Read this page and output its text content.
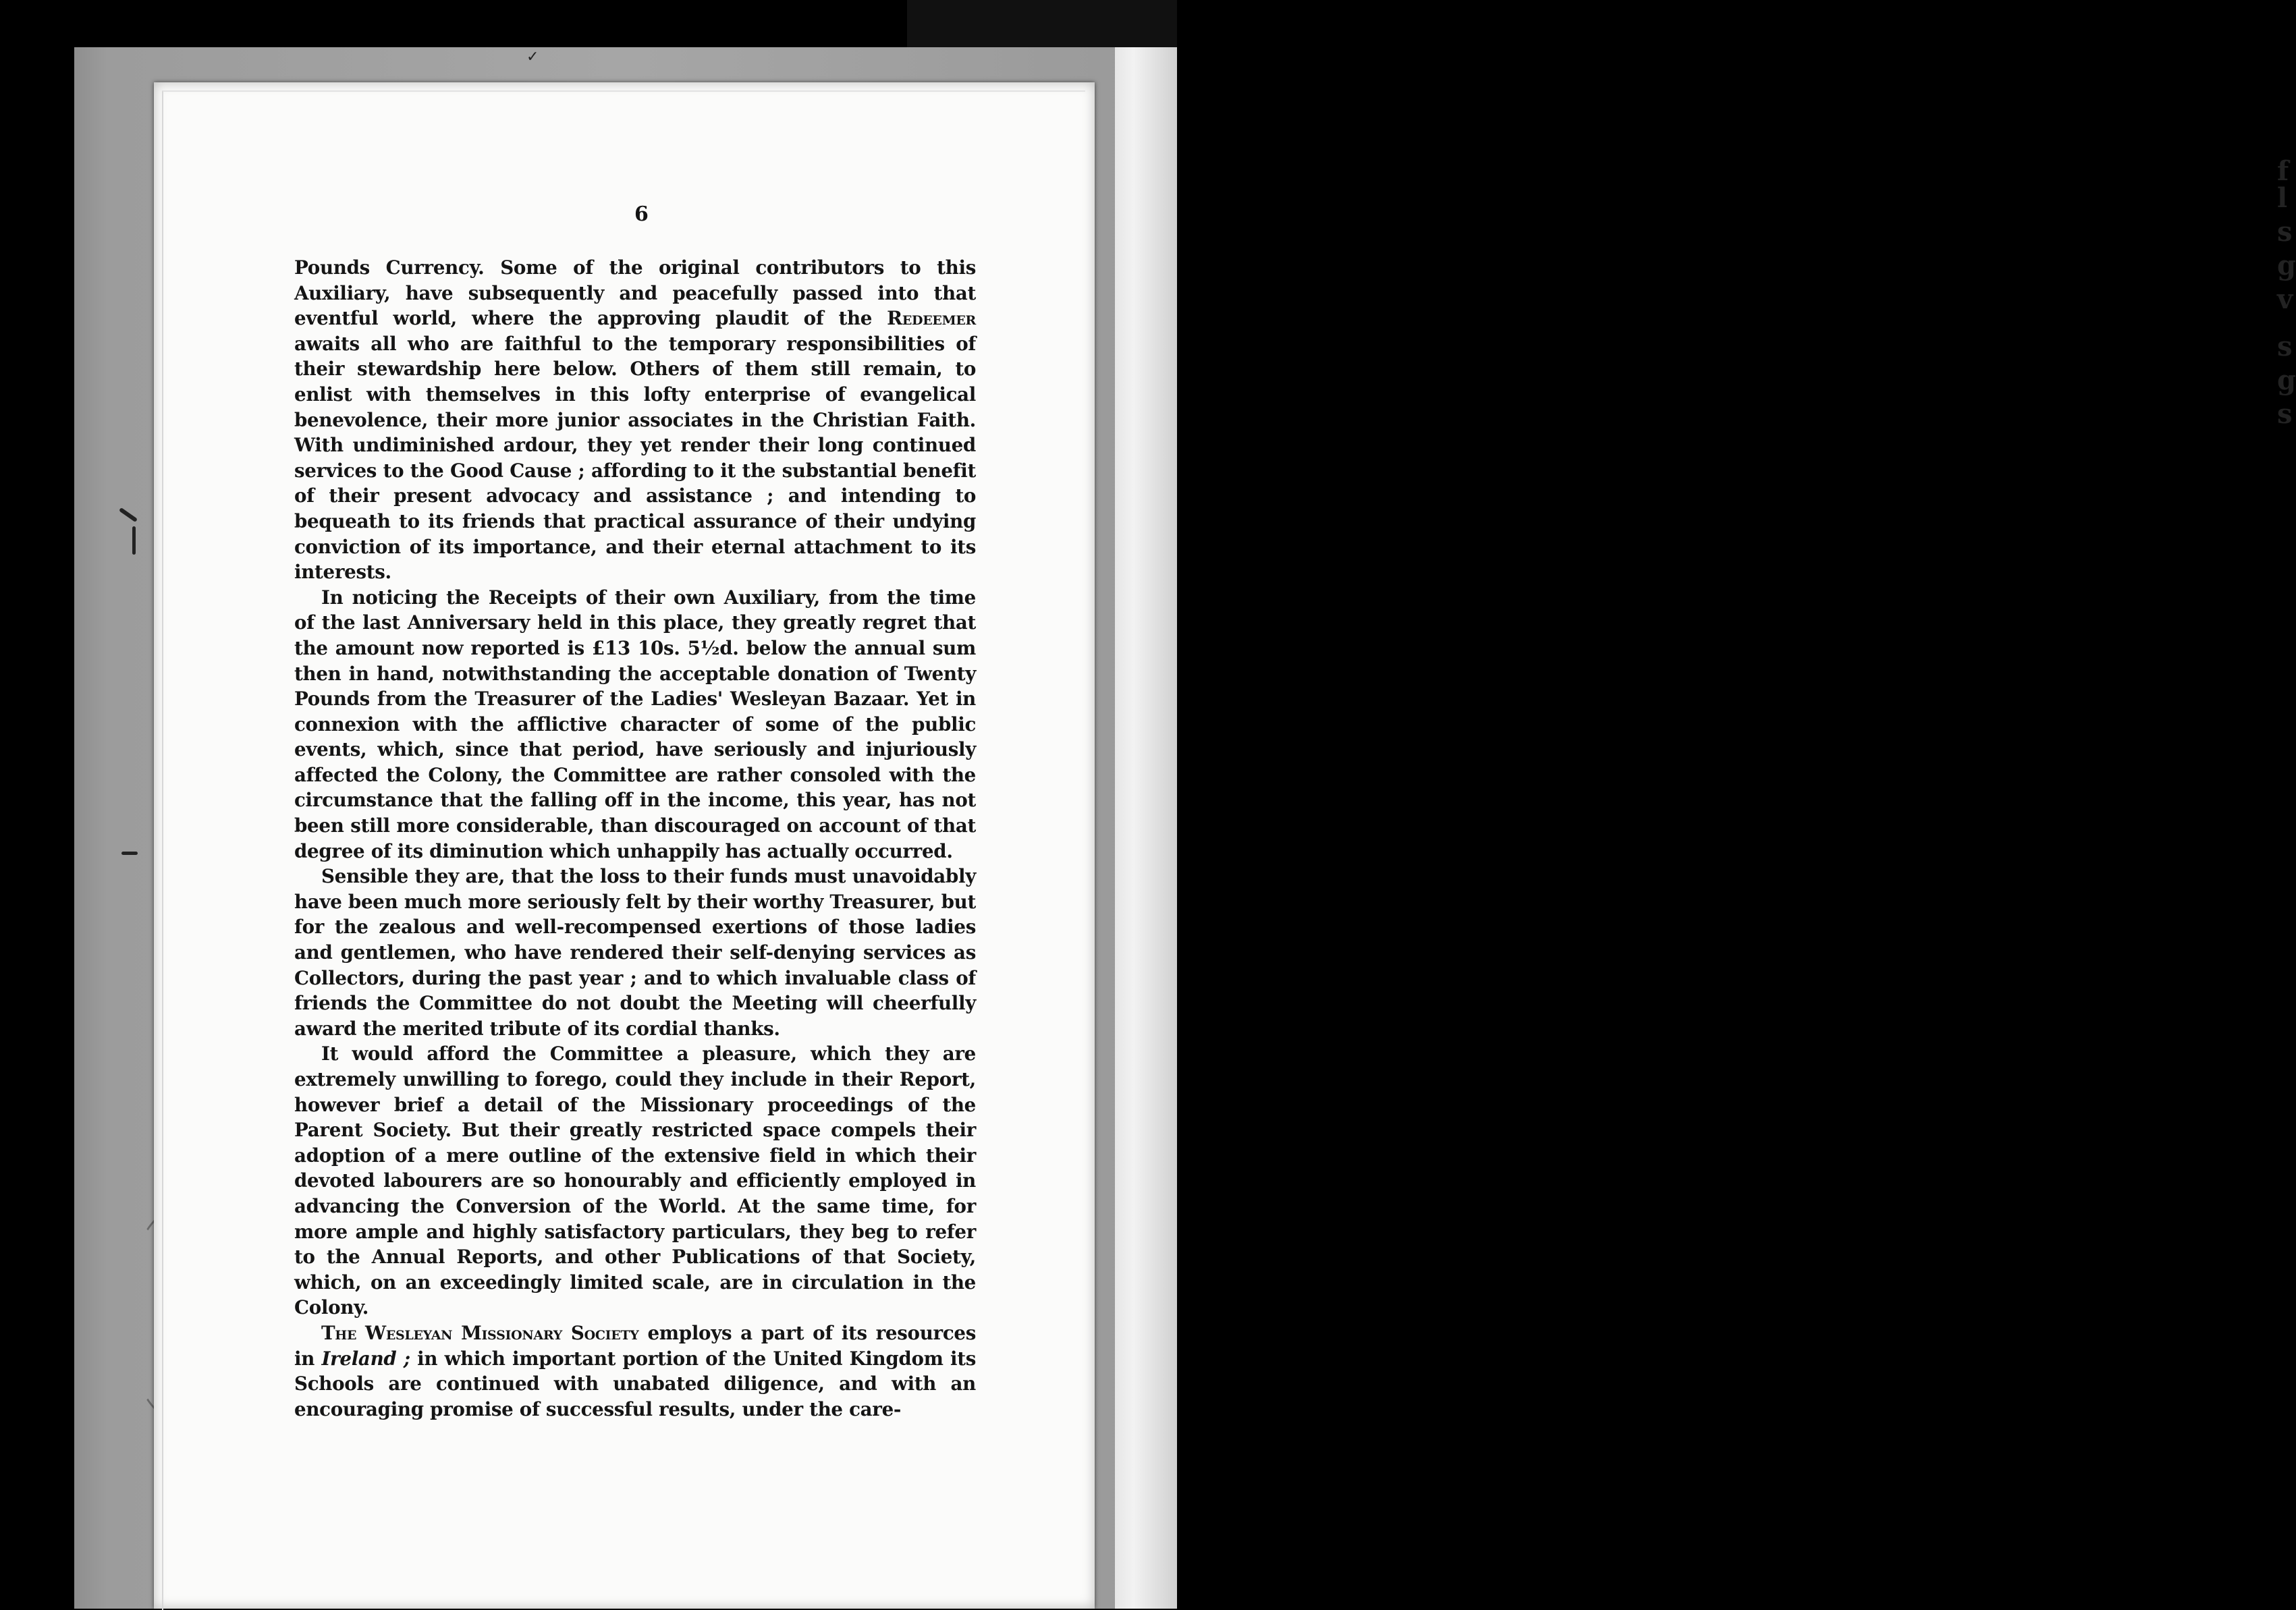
f
l
s
g
v
s
g
s
✓
6

Pounds Currency. Some of the original contributors to this Auxiliary, have subsequently and peacefully passed into that eventful world, where the approving plaudit of the Redeemer awaits all who are faithful to the temporary responsibilities of their stewardship here below. Others of them still remain, to enlist with themselves in this lofty enterprise of evangelical benevolence, their more junior associates in the Christian Faith. With undiminished ardour, they yet render their long continued services to the Good Cause ; affording to it the substantial benefit of their present advocacy and assistance ; and intending to bequeath to its friends that practical assurance of their undying conviction of its importance, and their eternal attachment to its interests.

In noticing the Receipts of their own Auxiliary, from the time of the last Anniversary held in this place, they greatly regret that the amount now reported is £13 10s. 5½d. below the annual sum then in hand, notwithstanding the acceptable donation of Twenty Pounds from the Treasurer of the Ladies' Wesleyan Bazaar. Yet in connexion with the afflictive character of some of the public events, which, since that period, have seriously and injuriously affected the Colony, the Committee are rather consoled with the circumstance that the falling off in the income, this year, has not been still more considerable, than discouraged on account of that degree of its diminution which unhappily has actually occurred.

Sensible they are, that the loss to their funds must unavoidably have been much more seriously felt by their worthy Treasurer, but for the zealous and well-recompensed exertions of those ladies and gentlemen, who have rendered their self-denying services as Collectors, during the past year ; and to which invaluable class of friends the Committee do not doubt the Meeting will cheerfully award the merited tribute of its cordial thanks.

It would afford the Committee a pleasure, which they are extremely unwilling to forego, could they include in their Report, however brief a detail of the Missionary proceedings of the Parent Society. But their greatly restricted space compels their adoption of a mere outline of the extensive field in which their devoted labourers are so honourably and efficiently employed in advancing the Conversion of the World. At the same time, for more ample and highly satisfactory particulars, they beg to refer to the Annual Reports, and other Publications of that Society, which, on an exceedingly limited scale, are in circulation in the Colony.

The Wesleyan Missionary Society employs a part of its resources in Ireland ; in which important portion of the United Kingdom its Schools are continued with unabated diligence, and with an encouraging promise of successful results, under the care-
